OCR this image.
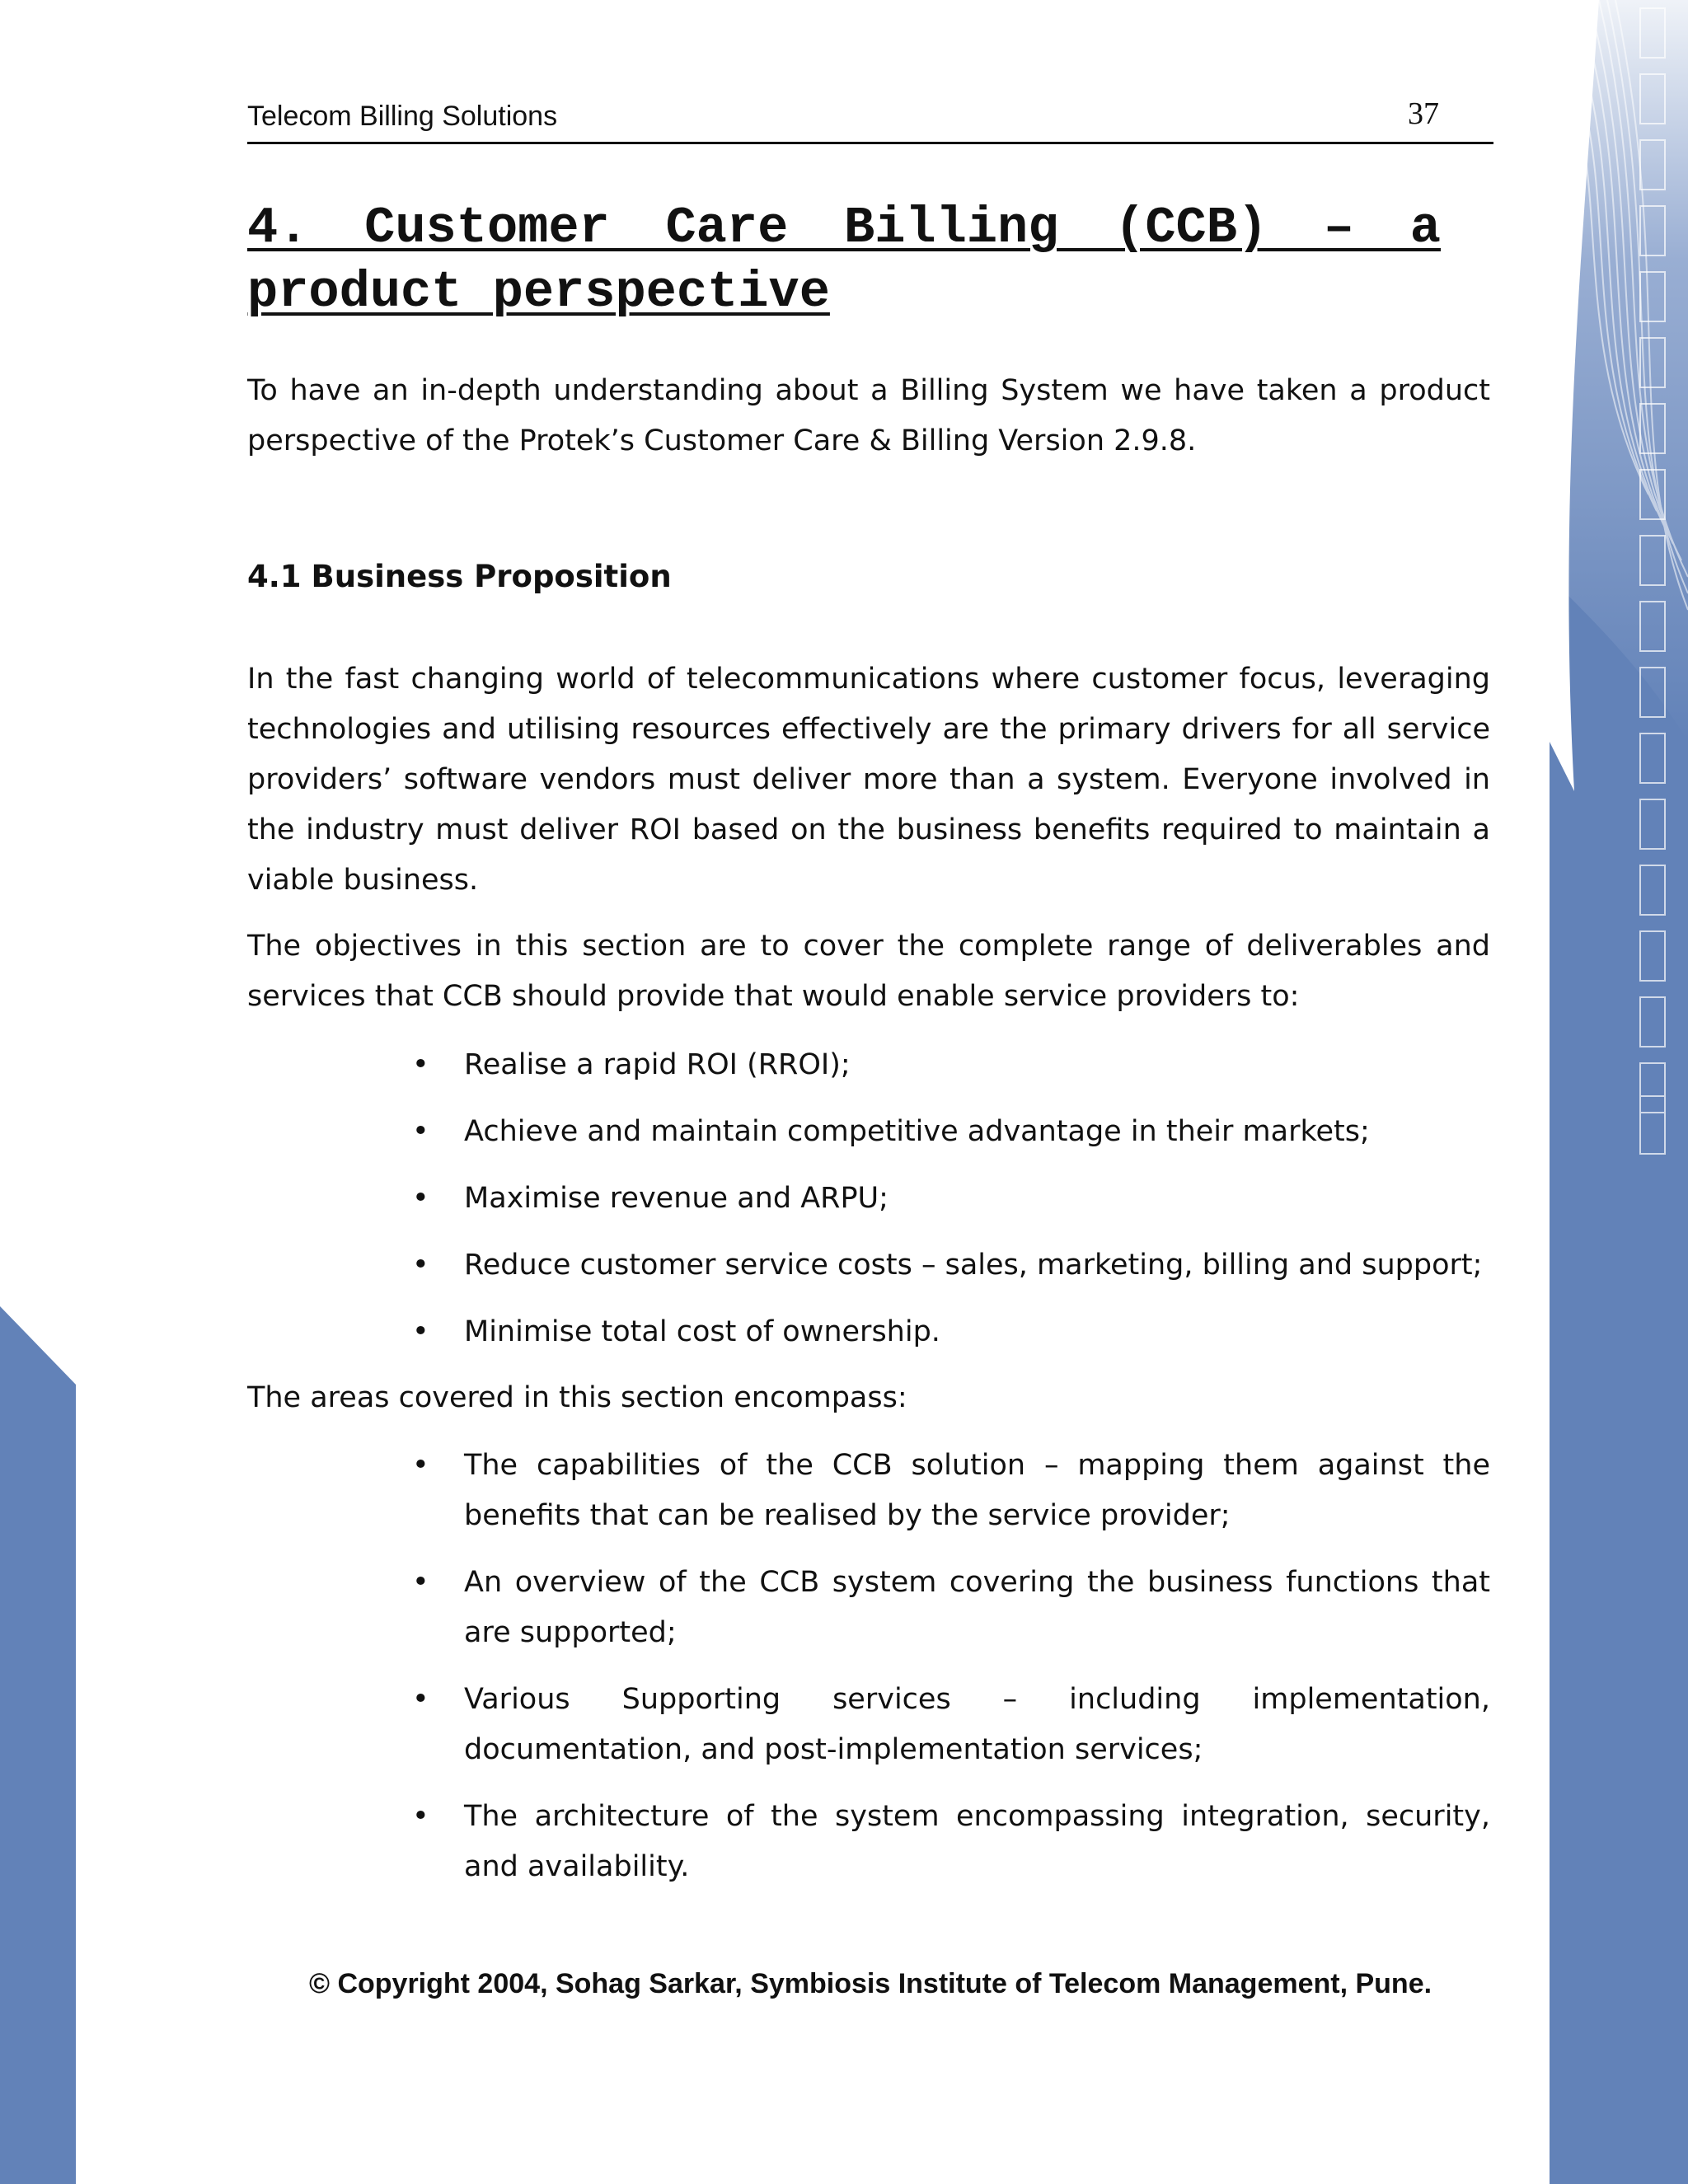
Telecom Billing Solutions	37
4. Customer Care Billing (CCB) – a
product perspective

To have an in-depth understanding about a Billing System we have taken a product perspective of the Protek’s Customer Care & Billing Version 2.9.8.

4.1 Business Proposition

In the fast changing world of telecommunications where customer focus, leveraging technologies and utilising resources effectively are the primary drivers for all service providers’ software vendors must deliver more than a system. Everyone involved in the industry must deliver ROI based on the business benefits required to maintain a viable business.

The objectives in this section are to cover the complete range of deliverables and services that CCB should provide that would enable service providers to:

• Realise a rapid ROI (RROI);
• Achieve and maintain competitive advantage in their markets;
• Maximise revenue and ARPU;
• Reduce customer service costs – sales, marketing, billing and support;
• Minimise total cost of ownership.

The areas covered in this section encompass:

• The capabilities of the CCB solution – mapping them against the benefits that can be realised by the service provider;
• An overview of the CCB system covering the business functions that are supported;
• Various Supporting services – including implementation, documentation, and post-implementation services;
• The architecture of the system encompassing integration, security, and availability.
© Copyright 2004, Sohag Sarkar, Symbiosis Institute of Telecom Management, Pune.
